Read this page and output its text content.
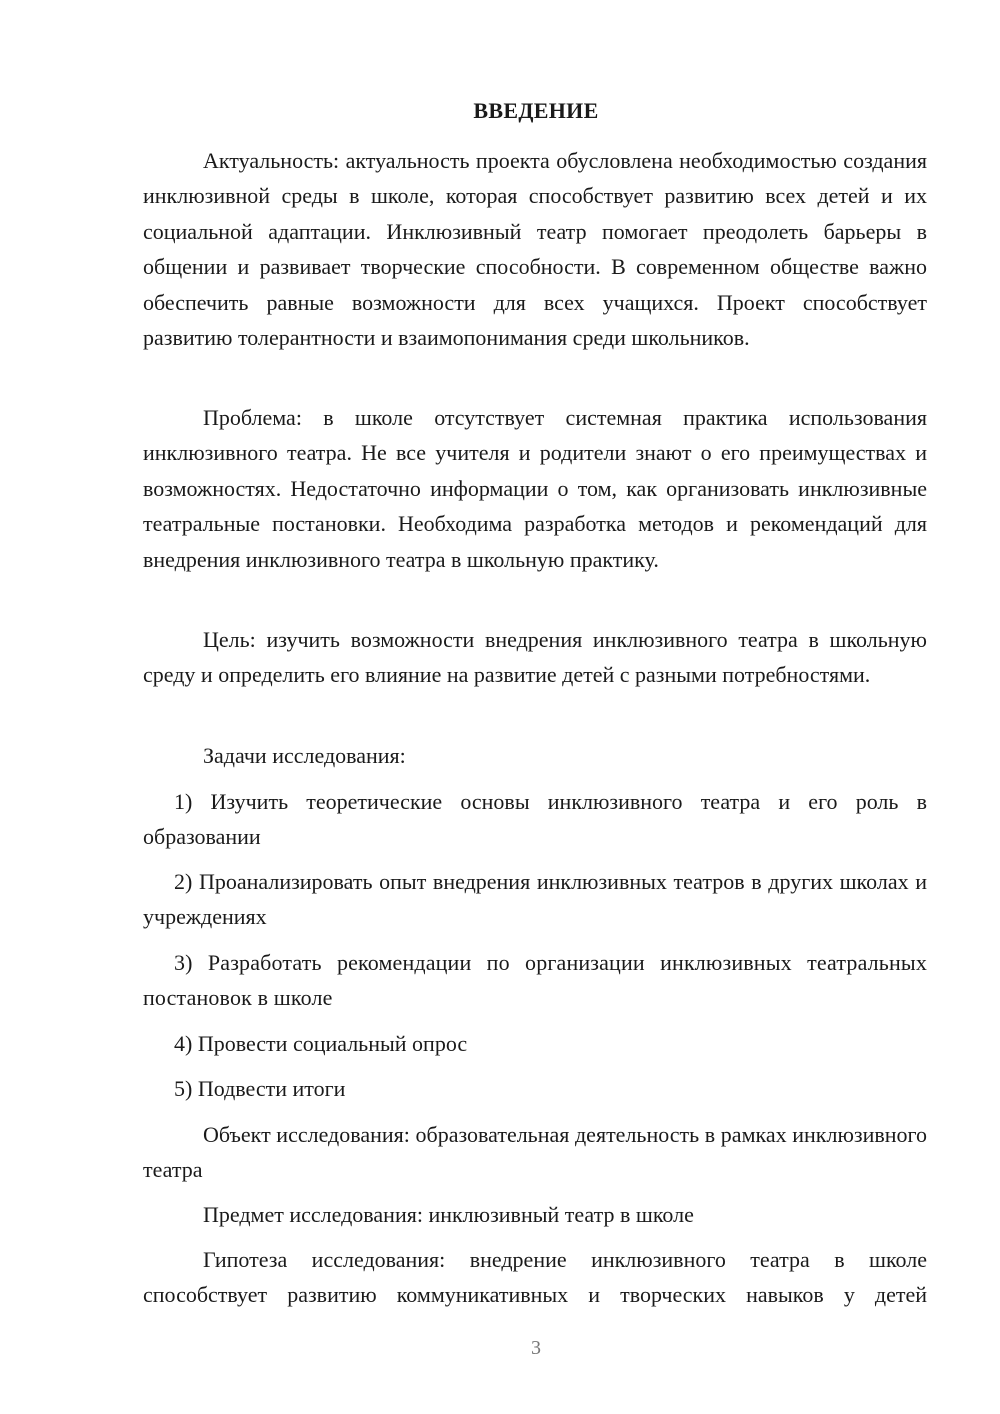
ВВЕДЕНИЕ

Актуальность: актуальность проекта обусловлена необходимостью создания инклюзивной среды в школе, которая способствует развитию всех детей и их социальной адаптации. Инклюзивный театр помогает преодолеть барьеры в общении и развивает творческие способности. В современном обществе важно обеспечить равные возможности для всех учащихся. Проект способствует развитию толерантности и взаимопонимания среди школьников.

Проблема: в школе отсутствует системная практика использования инклюзивного театра. Не все учителя и родители знают о его преимуществах и возможностях. Недостаточно информации о том, как организовать инклюзивные театральные постановки. Необходима разработка методов и рекомендаций для внедрения инклюзивного театра в школьную практику.

Цель: изучить возможности внедрения инклюзивного театра в школьную среду и определить его влияние на развитие детей с разными потребностями.

Задачи исследования:

1) Изучить теоретические основы инклюзивного театра и его роль в образовании

2) Проанализировать опыт внедрения инклюзивных театров в других школах и учреждениях

3) Разработать рекомендации по организации инклюзивных театральных постановок в школе

4) Провести социальный опрос

5) Подвести итоги

Объект исследования: образовательная деятельность в рамках инклюзивного театра

Предмет исследования: инклюзивный театр в школе

Гипотеза исследования: внедрение инклюзивного театра в школе способствует развитию коммуникативных и творческих навыков у детей

3
